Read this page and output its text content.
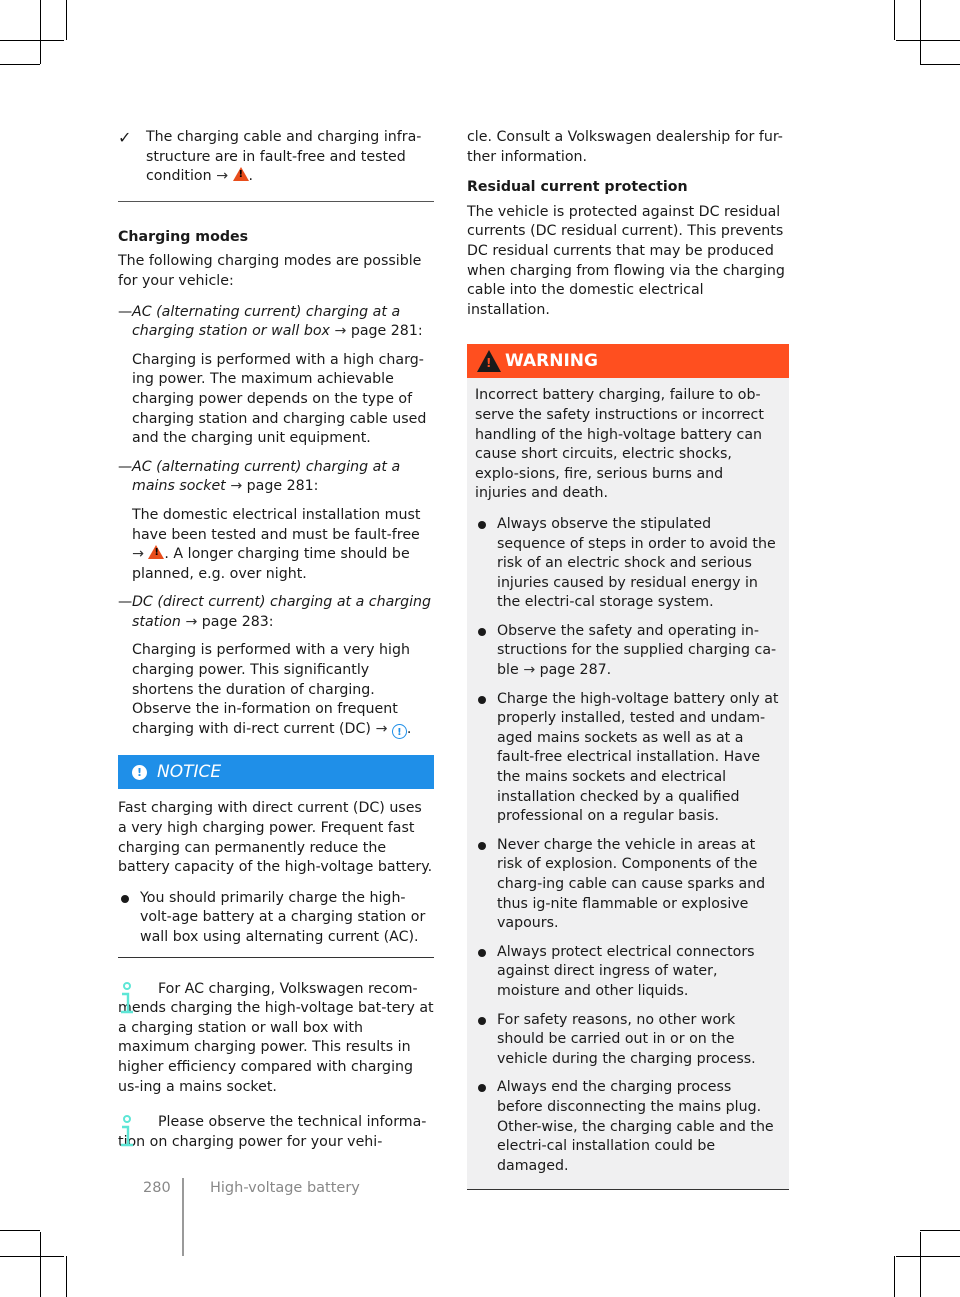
✓	The charging cable and charging infra-structure are in fault-free and tested condition → ! .

Charging modes

The following charging modes are possible for your vehicle:

— AC (alternating current) charging at a charging station or wall box → page 281:

Charging is performed with a high charg-ing power. The maximum achievable charging power depends on the type of charging station and charging cable used and the charging unit equipment.

— AC (alternating current) charging at a mains socket → page 281:

The domestic electrical installation must have been tested and must be fault-free → ! . A longer charging time should be planned, e.g. over night.

— DC (direct current) charging at a charging station → page 283:

Charging is performed with a very high charging power. This significantly shortens the duration of charging. Observe the in-formation on frequent charging with di-rect current (DC) → ! .

! NOTICE

Fast charging with direct current (DC) uses a very high charging power. Frequent fast charging can permanently reduce the battery capacity of the high-voltage battery.

You should primarily charge the high-volt-age battery at a charging station or wall box using alternating current (AC).

For AC charging, Volkswagen recom-mends charging the high-voltage bat-tery at a charging station or wall box with maximum charging power. This results in higher efficiency compared with charging us-ing a mains socket.

Please observe the technical informa-tion on charging power for your vehi-

cle. Consult a Volkswagen dealership for fur-ther information.

Residual current protection

The vehicle is protected against DC residual currents (DC residual current). This prevents DC residual currents that may be produced when charging from flowing via the charging cable into the domestic electrical installation.

!
WARNING

Incorrect battery charging, failure to ob-serve the safety instructions or incorrect handling of the high-voltage battery can cause short circuits, electric shocks, explo-sions, fire, serious burns and injuries and death.

Always observe the stipulated sequence of steps in order to avoid the risk of an electric shock and serious injuries caused by residual energy in the electri-cal storage system.
Observe the safety and operating in-structions for the supplied charging ca-ble → page 287.
Charge the high-voltage battery only at properly installed, tested and undam-aged mains sockets as well as at a fault-free electrical installation. Have the mains sockets and electrical installation checked by a qualified professional on a regular basis.
Never charge the vehicle in areas at risk of explosion. Components of the charg-ing cable can cause sparks and thus ig-nite flammable or explosive vapours.
Always protect electrical connectors against direct ingress of water, moisture and other liquids.
For safety reasons, no other work should be carried out in or on the vehicle during the charging process.
Always end the charging process before disconnecting the mains plug. Other-wise, the charging cable and the electri-cal installation could be damaged.
280	High-voltage battery
